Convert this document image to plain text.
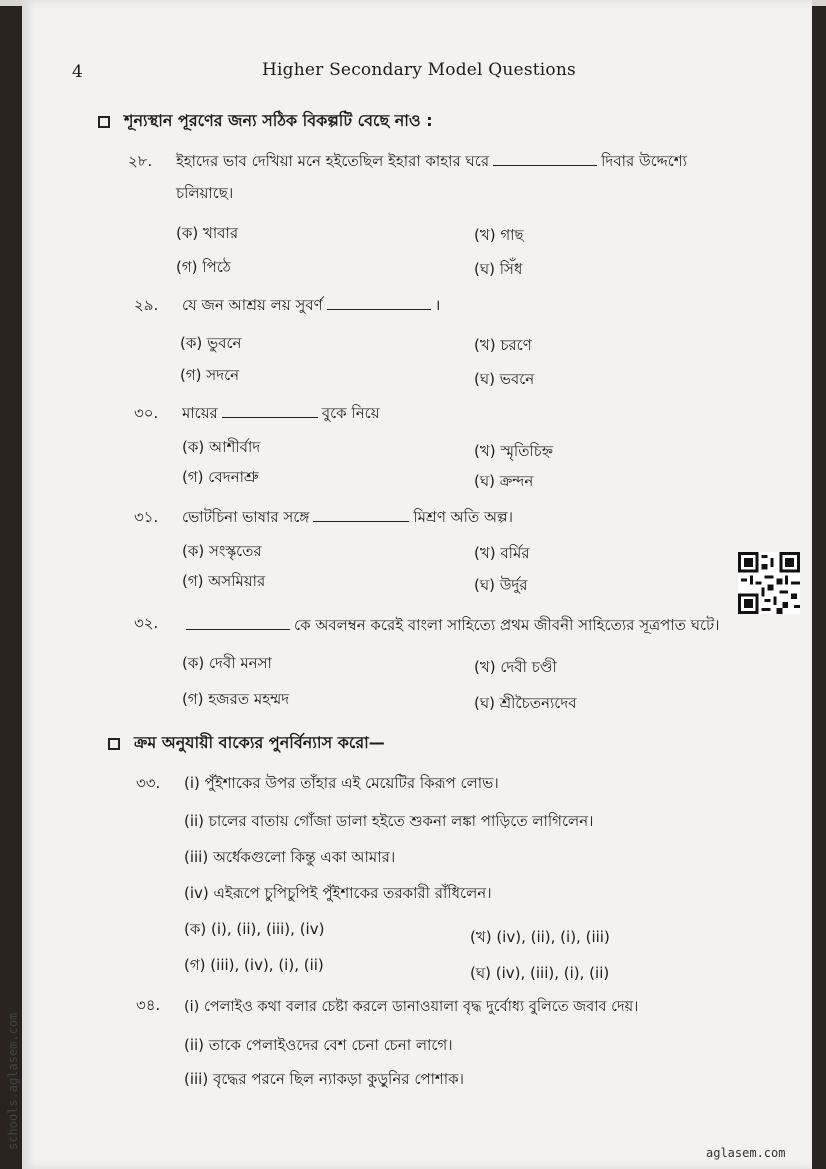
4	Higher Secondary Model Questions
শূন্যস্থান পূরণের জন্য সঠিক বিকল্পটি বেছে নাও :
২৮. ইহাদের ভাব দেখিয়া মনে হইতেছিল ইহারা কাহার ঘরে	দিবার উদ্দেশ্যে
চলিয়াছে।
(ক) খাবার	(খ) গাছ
(গ) পিঠে	(ঘ) সিঁধ
২৯. যে জন আশ্রয় লয় সুবর্ণ	।
(ক) ভুবনে	(খ) চরণে
(গ) সদনে	(ঘ) ভবনে
৩০. মায়ের	বুকে নিয়ে
(ক) আশীর্বাদ	(খ) স্মৃতিচিহ্ন
(গ) বেদনাশ্রু	(ঘ) ক্রন্দন
৩১. ভোটচিনা ভাষার সঙ্গে	মিশ্রণ অতি অল্প।
(ক) সংস্কৃতের	(খ) বর্মির
(গ) অসমিয়ার	(ঘ) উর্দুর
৩২.	কে অবলম্বন করেই বাংলা সাহিত্যে প্রথম জীবনী সাহিত্যের সূত্রপাত ঘটে।
(ক) দেবী মনসা	(খ) দেবী চণ্ডী
(গ) হজরত মহম্মদ	(ঘ) শ্রীচৈতন্যদেব
ক্রম অনুযায়ী বাক্যের পুনর্বিন্যাস করো—
৩৩. (i) পুঁইশাকের উপর তাঁহার এই মেয়েটির কিরূপ লোভ।
(ii) চালের বাতায় গোঁজা ডালা হইতে শুকনা লঙ্কা পাড়িতে লাগিলেন।
(iii) অর্ধেকগুলো কিন্তু একা আমার।
(iv) এইরূপে চুপিচুপিই পুঁইশাকের তরকারী রাঁধিলেন।
(ক) (i), (ii), (iii), (iv)	(খ) (iv), (ii), (i), (iii)
(গ) (iii), (iv), (i), (ii)	(ঘ) (iv), (iii), (i), (ii)
৩৪. (i) পেলাইও কথা বলার চেষ্টা করলে ডানাওয়ালা বৃদ্ধ দুর্বোধ্য বুলিতে জবাব দেয়।
(ii) তাকে পেলাইওদের বেশ চেনা চেনা লাগে।
(iii) বৃদ্ধের পরনে ছিল ন্যাকড়া কুড়ুনির পোশাক।
schools.aglasem.com
aglasem.com
